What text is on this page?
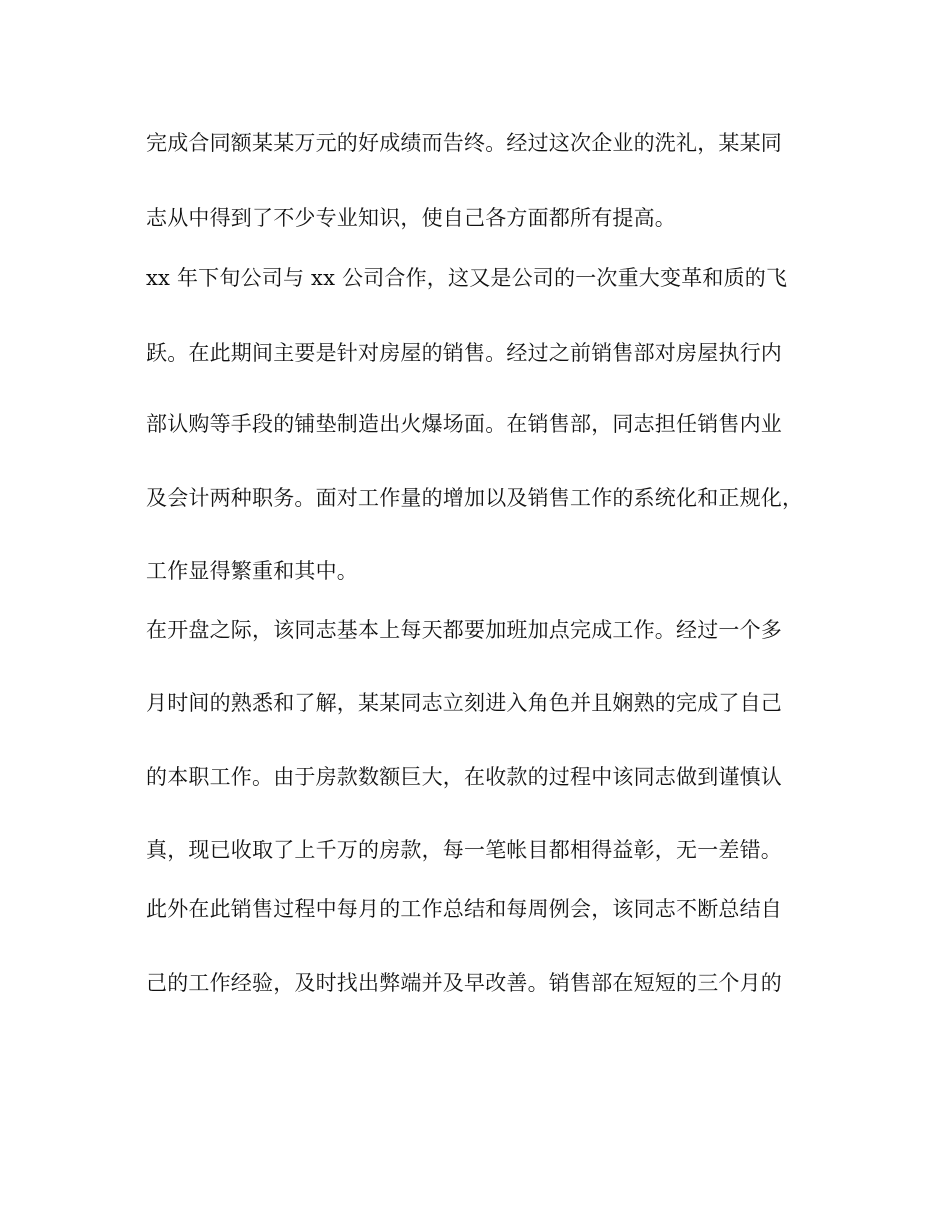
完成合同额某某万元的好成绩而告终。经过这次企业的洗礼，某某同
志从中得到了不少专业知识，使自己各方面都所有提高。
xx 年下旬公司与 xx 公司合作，这又是公司的一次重大变革和质的飞
跃。在此期间主要是针对房屋的销售。经过之前销售部对房屋执行内
部认购等手段的铺垫制造出火爆场面。在销售部，同志担任销售内业
及会计两种职务。面对工作量的增加以及销售工作的系统化和正规化，
工作显得繁重和其中。
在开盘之际，该同志基本上每天都要加班加点完成工作。经过一个多
月时间的熟悉和了解，某某同志立刻进入角色并且娴熟的完成了自己
的本职工作。由于房款数额巨大，在收款的过程中该同志做到谨慎认
真，现已收取了上千万的房款，每一笔帐目都相得益彰，无一差错。
此外在此销售过程中每月的工作总结和每周例会，该同志不断总结自
己的工作经验，及时找出弊端并及早改善。销售部在短短的三个月的
